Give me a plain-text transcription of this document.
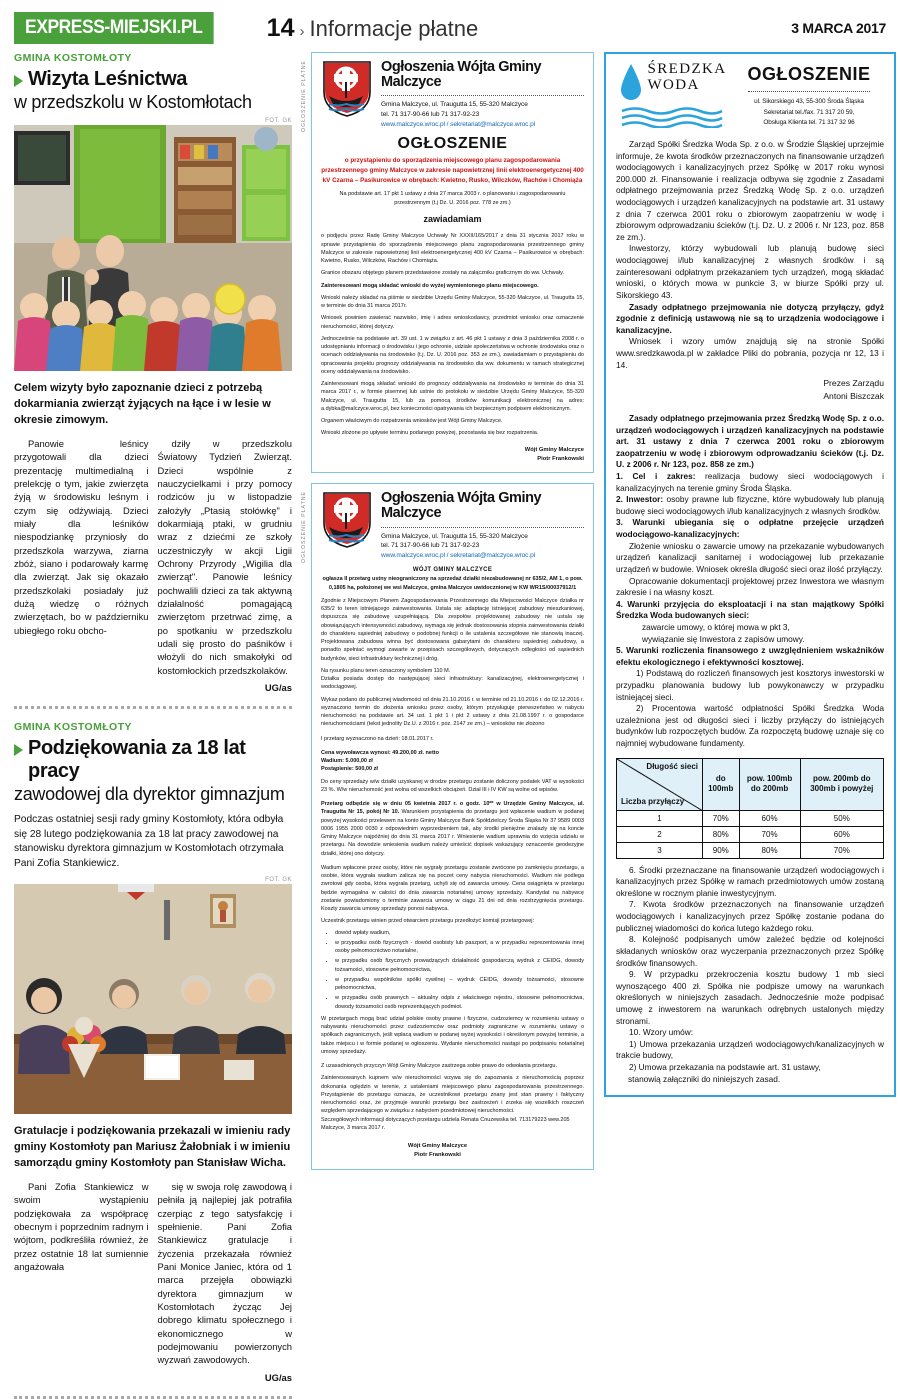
EXPRESS-MIEJSKI.PL	14 › Informacje płatne	3 MARCA 2017
GMINA KOSTOMŁOTY
Wizyta Leśnictwa
w przedszkolu w Kostomłotach
FOT. GK
Celem wizyty było zapoznanie dzieci z potrzebą dokarmiania zwierząt żyjących na łące i w lesie w okresie zimowym.

Panowie leśnicy przygotowali dla dzieci prezentację multimedialną i prelekcję o tym, jakie zwierzęta żyją w środowisku leśnym i czym się odżywiają. Dzieci miały dla leśników niespodziankę przyniosły do przedszkola warzywa, ziarna zbóż, siano i podarowały karmę dla zwierząt. Jak się okazało przedszkolaki posiadały już dużą wiedzę o różnych zwierzętach, bo w październiku ubiegłego roku obcho-

dziły w przedszkolu Światowy Tydzień Zwierząt. Dzieci wspólnie z nauczycielkami i przy pomocy rodziców ju w listopadzie założyły „Ptasią stołówkę" i dokarmiają ptaki, w grudniu wraz z dziećmi ze szkoły uczestniczyły w akcji Ligii Ochrony Przyrody „Wigilia dla zwierząt". Panowie leśnicy pochwalili dzieci za tak aktywną działalność pomagającą zwierzętom przetrwać zimę, a po spotkaniu w przedszkolu udali się prosto do paśników i włożyli do nich smakołyki od kostomłockich przedszkolaków.

UG/as
GMINA KOSTOMŁOTY
Podziękowania za 18 lat pracy
zawodowej dla dyrektor gimnazjum
Podczas ostatniej sesji rady gminy Kostomłoty, która odbyła się 28 lutego podziękowania za 18 lat pracy zawodowej na stanowisku dyrektora gimnazjum w Kostomłotach otrzymała Pani Zofia Stankiewicz.
FOT. GK
Gratulacje i podziękowania przekazali w imieniu rady gminy Kostomłoty pan Mariusz Żałobniak i w imieniu samorządu gminy Kostomłoty pan Stanisław Wicha.

Pani Zofia Stankiewicz w swoim wystąpieniu podziękowała za współpracę obecnym i poprzednim radnym i wójtom, podkreśliła również, że przez ostatnie 18 lat sumiennie angażowała

się w swoja rolę zawodową i pełniła ją najlepiej jak potrafiła czerpiąc z tego satysfakcję i spełnienie. Pani Zofia Stankiewicz gratulacje i życzenia przekazała również Pani Monice Janiec, która od 1 marca przejęła obowiązki dyrektora gimnazjum w Kostomłotach życząc Jej dobrego klimatu społecznego i ekonomicznego w podejmowaniu powierzonych wyzwań zawodowych.

UG/as
OGŁOSZENIE PŁATNE	Ogłoszenia Wójta Gminy Malczyce
Gmina Malczyce, ul. Traugutta 15, 55-320 Malczyce
tel. 71 317-90-66 lub 71 317-92-23
www.malczyce.wroc.pl / sekretariat@malczyce.wroc.pl
OGŁOSZENIE
o przystąpieniu do sporządzenia miejscowego planu zagospodarowania przestrzennego gminy Malczyce w zakresie napowietrznej linii elektroenergetycznej 400 kV Czarna – Pasikurowice w obrębach: Kwietno, Rusko, Wilczków, Rachów i Chomiąża

Na podstawie art. 17 pkt 1 ustawy z dnia 27 marca 2003 r. o planowaniu i zagospodarowaniu przestrzennym (t.j Dz. U. 2016 poz. 778 ze zm.)

zawiadamiam

o podjęciu przez Radę Gminy Malczyce Uchwały Nr XXXII/165/2017 z dnia 31 stycznia 2017 roku w sprawie przystąpienia do sporządzenia miejscowego planu zagospodarowania przestrzennego gminy Malczyce w zakresie napowietrznej linii elektroenergetycznej 400 kV Czarna – Pasikurowice w obrębach: Kwietno, Rusko, Wilczków, Rachów i Chomiąża.

Granice obszaru objętego planem przedstawione zostały na załączniku graficznym do ww. Uchwały.

Zainteresowani mogą składać wnioski do wyżej wymienionego planu miejscowego.

Wnioski należy składać na piśmie w siedzibie Urzędu Gminy Malczyce, 55-320 Malczyce, ul. Traugutta 15, w terminie do dnia 31 marca 2017r.

Wniosek powinien zawierać nazwisko, imię i adres wnioskodawcy, przedmiot wniosku oraz oznaczenie nieruchomości, której dotyczy.

Jednocześnie na podstawie art. 39 ust. 1 w związku z art. 46 pkt 1 ustawy z dnia 3 października 2008 r. o udostępnianiu informacji o środowisku i jego ochronie, udziale społeczeństwa w ochronie środowiska oraz o ocenach oddziaływania na środowisko (t.j. Dz. U. 2016 poz. 353 ze zm.), zawiadamiam o przystąpieniu do opracowania projektu prognozy oddziaływania na środowisko dla ww. dokumentu w ramach strategicznej oceny oddziaływania na środowisko.

Zainteresowani mogą składać wnioski do prognozy oddziaływania na środowisko w terminie do dnia 31 marca 2017 r., w formie pisemnej lub ustnie do protokołu w siedzibie Urzędu Gminy Malczyce, 55-320 Malczyce, ul. Traugutta 15, lub za pomocą środków komunikacji elektronicznej na adres: a.dybka@malczyce.wroc.pl, bez konieczności opatrywania ich bezpiecznym podpisem elektronicznym.

Organem właściwym do rozpatrzenia wniosków jest Wójt Gminy Malczyce.

Wnioski złożone po upływie terminu podanego powyżej, pozostawia się bez rozpatrzenia.

Wójt Gminy Malczyce
Piotr Frankowski
OGŁOSZENIE PŁATNE	Ogłoszenia Wójta Gminy Malczyce
Gmina Malczyce, ul. Traugutta 15, 55-320 Malczyce
tel. 71 317-90-66 lub 71 317-92-23
www.malczyce.wroc.pl / sekretariat@malczyce.wroc.pl
WÓJT GMINY MALCZYCE
ogłasza II przetarg ustny nieograniczony na sprzedaż działki niezabudowanej nr 635/2, AM 1, o pow. 0,1805 ha, położonej we wsi Malczyce, gmina Malczyce uwidocznionej w KW WR1S/00037912/1

Zgodnie z Miejscowym Planem Zagospodarowania Przestrzennego dla Miejscowości Malczyce działka nr 635/2 to teren istniejącego zainwestowania. Ustala się: adaptację istniejącej zabudowy mieszkaniowej, dopuszcza się zabudowę uzupełniającą. Dla zespołów projektowanej zabudowy nie ustala się obowiązujących intensywności zabudowy, wymaga się jednak dostosowania stopnia zainwestowania działki do charakteru sąsiedniej zabudowy o podobnej funkcji o ile ustalenia szczegółowe nie stanowią inaczej. Projektowana zabudowa winna być dostosowana gabarytami do charakteru sąsiedniej zabudowy, a ponadto spełniać wymogi zawarte w przepisach szczegółowych, dotyczących odległości od sąsiednich budynków, sieci infrastruktury technicznej i dróg.

Na rysunku planu teren oznaczony symbolem 110 M.

Działka posiada dostęp do następującej sieci infrastruktury: kanalizacyjnej, elektroenergetycznej i wodociągowej.

Wykaz podano do publicznej wiadomości od dnia 21.10.2016 r. w terminie od 21.10.2016 r. do 02.12.2016 r. wyznaczono termin do złożenia wniosku przez osoby, którym przysługuje pierwszeństwo w nabyciu nieruchomości na podstawie art. 34 ust. 1 pkt 1 i pkt 2 ustawy z dnia 21.08.1997 r. o gospodarce nieruchomościami (tekst jednolity Dz.U. z 2016 r. poz. 2147 ze zm.) – wniosków nie złożono

I przetarg wyznaczono na dzień: 18.01.2017 r.

Cena wywoławcza wynosi: 49.200,00 zł. netto

Wadium: 5.000,00 zł

Postąpienie: 500,00 zł

Do ceny sprzedaży w/w działki uzyskanej w drodze przetargu zostanie doliczony podatek VAT w wysokości 23 %. W/w nieruchomość jest wolna od wszelkich obciążeń. Dział III i IV KW są wolne od wpisów.

Przetarg odbędzie się w dniu 05 kwietnia 2017 r. o godz. 10ºº w Urzędzie Gminy Malczyce, ul. Traugutta Nr 15, pokój Nr 10. Warunkiem przystąpienia do przetargu jest wpłacenie wadium w podanej powyżej wysokości przelewem na konto Gminy Malczyce Bank Spółdzielczy Środa Śląska Nr 37 9589 0003 0006 1955 2000 0030 z odpowiednim wyprzedzeniem tak, aby środki pieniężne znalazły się na koncie Gminy Malczyce najpóźniej do dnia 31 marca 2017 r. Wniesienie wadium uprawnia do wzięcia udziału w przetargu. Na dowodzie wniesienia wadium należy umieścić dopisek wskazujący oznaczenie geodezyjne działki, której ono dotyczy.

Wadium wpłacone przez osoby, które nie wygrały przetargu zostanie zwrócone po zamknięciu przetargu, a osobie, która wygrała wadium zalicza się na poczet ceny nabycia nieruchomości. Wadium nie podlega zwrotowi gdy osoba, która wygrała przetarg, uchyli się od zawarcia umowy. Cena osiągnięta w przetargu będzie wymagalna w całości do dnia zawarcia notarialnej umowy sprzedaży. Kandydat na nabywcę zostanie powiadomiony o terminie zawarcia umowy w ciągu 21 dni od dnia rozstrzygnięcia przetargu. Koszty zawarcia umowy sprzedaży ponosi nabywca.

Uczestnik przetargu winien przed otwarciem przetargu przedłożyć komisji przetargowej:

• dowód wpłaty wadium,
• w przypadku osób fizycznych - dowód osobisty lub paszport, a w przypadku reprezentowania innej osoby pełnomocnictwo notarialne,
• w przypadku osób fizycznych prowadzących działalność gospodarczą wydruk z CEIDG, dowody tożsamości, stosowne pełnomocnictwa,
• w przypadku wspólników spółki cywilnej – wydruk CEIDG, dowody tożsamości, stosowne pełnomocnictwa,
• w przypadku osób prawnych – aktualny odpis z właściwego rejestru, stosowne pełnomocnictwa, dowody tożsamości osób reprezentujących podmiot.

W przetargach mogą brać udział polskie osoby prawne i fizyczne, cudzoziemcy w rozumieniu ustawy o nabywaniu nieruchomości przez cudzoziemców oraz podmioty zagraniczne w rozumieniu ustawy o spółkach zagranicznych, jeśli wpłacą wadium w podanej wyżej wysokości i określonym powyżej terminie, a także miejscu i w formie podanej w ogłoszeniu. Wydanie nieruchomości nastąpi po podpisaniu notarialnej umowy sprzedaży.

Z uzasadnionych przyczyn Wójt Gminy Malczyce zastrzega sobie prawo do odwołania przetargu.

Zainteresowanych kupnem w/w nieruchomości wzywa się do zapoznania z nieruchomością poprzez dokonania oględzin w terenie, z ustaleniami miejscowego planu zagospodarowania przestrzennego. Przystąpienie do przetargu oznacza, że uczestnikowi przetargu znany jest stan prawny i faktyczny nieruchomości oraz, że przyjmuje warunki przetargu bez zastrzeżeń i zrzeka się wszelkich roszczeń względem sprzedającego w związku z nabyciem przedmiotowej nieruchomości.

Szczegółowych informacji dotyczących przetargu udziela Renata Cnuzewska tel. 713179223 wew.205

Malczyce, 3 marca 2017 r.

Wójt Gminy Malczyce
Piotr Frankowski
ŚREDZKA
WODA
OGŁOSZENIE
ul. Sikorskiego 43, 55-300 Środa Śląska
Sekretariat tel./fax. 71 317 20 59,
Obsługa Klienta tel. 71 317 32 96

Zarząd Spółki Średzka Woda Sp. z o.o. w Środzie Śląskiej uprzejmie informuje, że kwota środków przeznaczonych na finansowanie urządzeń wodociągowych i kanalizacyjnych przez Spółkę w 2017 roku wynosi 200.000 zł. Finansowanie i realizacja odbywa się zgodnie z Zasadami odpłatnego przejmowania przez Średzką Wodę Sp. z o.o. urządzeń wodociągowych i urządzeń kanalizacyjnych na podstawie art. 31 ustawy z dnia 7 czerwca 2001 roku o zbiorowym zaopatrzeniu w wodę i zbiorowym odprowadzaniu ścieków (t.j. Dz. U. z 2006 r. Nr 123, poz. 858 ze zm.).

Inwestorzy, którzy wybudowali lub planują budowę sieci wodociągowej i/lub kanalizacyjnej z własnych środków i są zainteresowani odpłatnym przekazaniem tych urządzeń, mogą składać wnioski, o których mowa w punkcie 3, w biurze Spółki przy ul. Sikorskiego 43.

Zasady odpłatnego przejmowania nie dotyczą przyłączy, gdyż zgodnie z definicją ustawową nie są to urządzenia wodociągowe i kanalizacyjne.

Wniosek i wzory umów znajdują się na stronie Spółki www.sredzkawoda.pl w zakładce Pliki do pobrania, pozycja nr 12, 13 i 14.

Prezes Zarządu
Antoni Biszczak

Zasady odpłatnego przejmowania przez Średzką Wodę Sp. z o.o. urządzeń wodociągowych i urządzeń kanalizacyjnych na podstawie art. 31 ustawy z dnia 7 czerwca 2001 roku o zbiorowym zaopatrzeniu w wodę i zbiorowym odprowadzaniu ścieków (t.j. Dz. U. z 2006 r. Nr 123, poz. 858 ze zm.)

1. Cel i zakres: realizacja budowy sieci wodociągowych i kanalizacyjnych na terenie gminy Środa Śląska.

2. Inwestor: osoby prawne lub fizyczne, które wybudowały lub planują budowę sieci wodociągowych i/lub kanalizacyjnych z własnych środków.

3. Warunki ubiegania się o odpłatne przejęcie urządzeń wodociągowo-kanalizacyjnych:

Złożenie wniosku o zawarcie umowy na przekazanie wybudowanych urządzeń kanalizacji sanitarnej i wodociągowej lub przekazanie urządzeń w budowie. Wniosek określa długość sieci oraz ilość przyłączy.

Opracowanie dokumentacji projektowej przez Inwestora we własnym zakresie i na własny koszt.

4. Warunki przyjęcia do eksploatacji i na stan majątkowy Spółki Średzka Woda budowanych sieci:

zawarcie umowy, o której mowa w pkt 3,

wywiązanie się Inwestora z zapisów umowy.

5. Warunki rozliczenia finansowego z uwzględnieniem wskaźników efektu ekologicznego i efektywności kosztowej.

1) Podstawą do rozliczeń finansowych jest kosztorys inwestorski w przypadku planowania budowy lub powykonawczy w przypadku istniejącej sieci.

2) Procentowa wartość odpłatności Spółki Średzka Woda uzależniona jest od długości sieci i liczby przyłączy do istniejących budynków lub rozpoczętych budów. Za rozpoczętą budowę uznaje się co najmniej wybudowane fundamenty.

Długość sieci
Liczba przyłączy	do 100mb	pow. 100mb do 200mb	pow. 200mb do 300mb i powyżej
1	70%	60%	50%
2	80%	70%	60%
3	90%	80%	70%

6. Środki przeznaczane na finansowanie urządzeń wodociągowych i kanalizacyjnych przez Spółkę w ramach przedmiotowych umów zostaną określone w rocznym planie inwestycyjnym.

7. Kwota środków przeznaczonych na finansowanie urządzeń wodociągowych i kanalizacyjnych przez Spółkę zostanie podana do publicznej wiadomości do końca lutego każdego roku.

8. Kolejność podpisanych umów zależeć będzie od kolejności składanych wniosków oraz wyczerpania przeznaczonych przez Spółkę środków finansowych.

9. W przypadku przekroczenia kosztu budowy 1 mb sieci wynoszącego 400 zł. Spółka nie podpisze umowy na warunkach określonych w niniejszych zasadach. Jednocześnie może podpisać umowę z inwestorem na warunkach odrębnych ustalonych między stronami.

10. Wzory umów:

1) Umowa przekazania urządzeń wodociągowych/kanalizacyjnych w trakcie budowy,

2) Umowa przekazania na podstawie art. 31 ustawy,

stanowią załączniki do niniejszych zasad.
